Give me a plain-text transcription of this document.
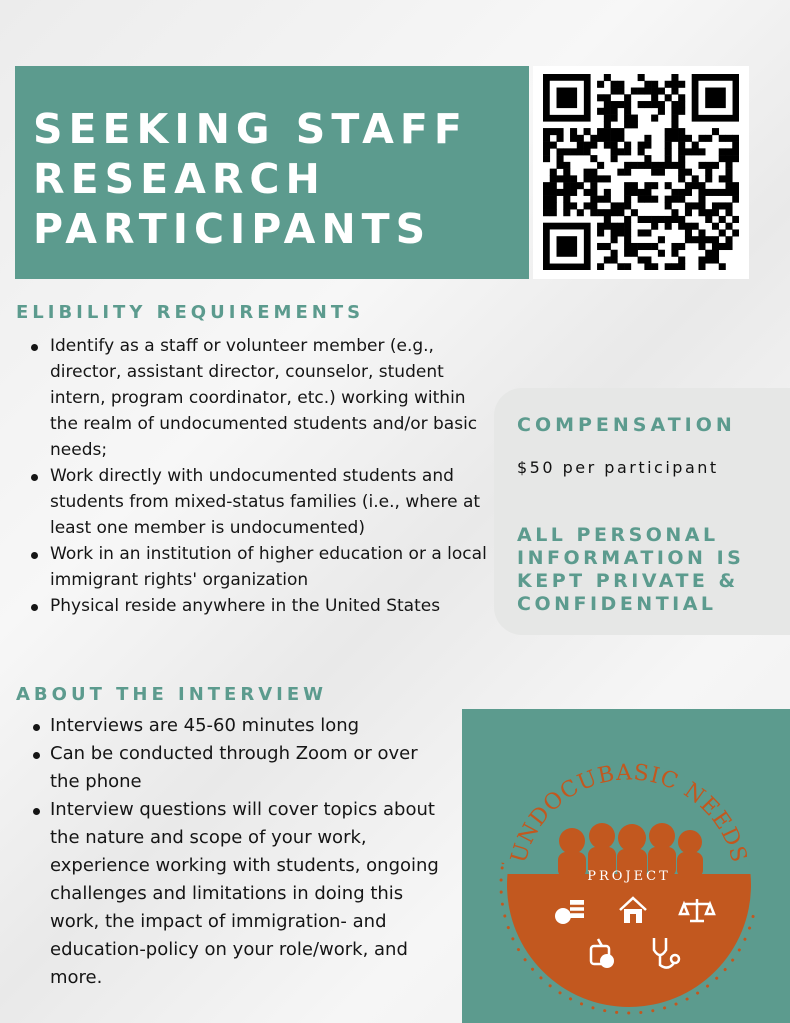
SEEKING STAFF
RESEARCH
PARTICIPANTS
ELIBILITY REQUIREMENTS
Identify as a staff or volunteer member (e.g., director, assistant director, counselor, student intern, program coordinator, etc.) working within the realm of undocumented students and/or basic needs;
Work directly with undocumented students and students from mixed-status families (i.e., where at least one member is undocumented)
Work in an institution of higher education or a local immigrant rights' organization
Physical reside anywhere in the United States
COMPENSATION
$50 per participant
ALL PERSONAL INFORMATION IS KEPT PRIVATE & CONFIDENTIAL
ABOUT THE INTERVIEW
Interviews are 45-60 minutes long
Can be conducted through Zoom or over the phone
Interview questions will cover topics about the nature and scope of your work, experience working with students, ongoing challenges and limitations in doing this work, the impact of immigration- and education-policy on your role/work, and more.
UNDOCUBASIC NEEDS
PROJECT
